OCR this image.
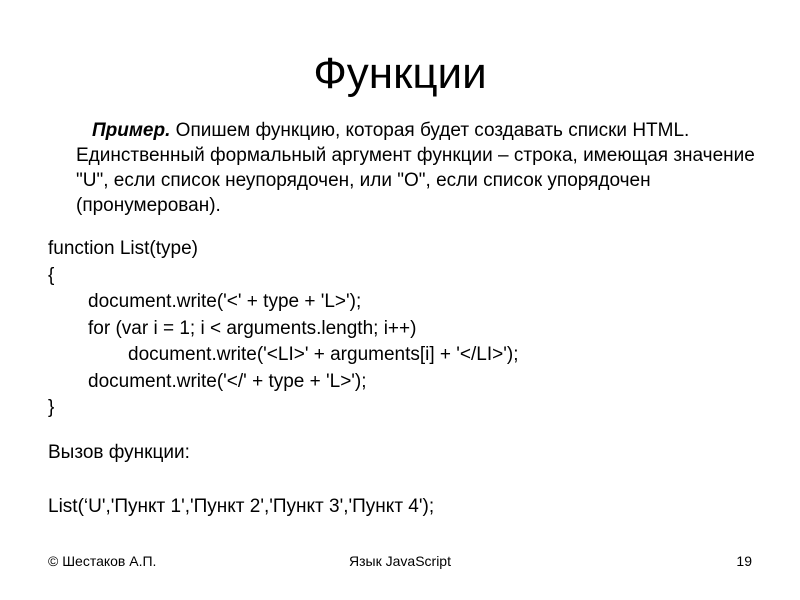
Функции
Пример. Опишем функцию, которая будет создавать списки HTML. Единственный формальный аргумент функции – строка, имеющая значение "U", если список неупорядочен, или "O", если список упорядочен (пронумерован).
function List(type)
{
document.write('<' + type + 'L>');
for (var i = 1; i < arguments.length; i++)
document.write('<LI>' + arguments[i] + '</LI>');
document.write('</' + type + 'L>');
}
Вызов функции:
List(‘U','Пункт 1','Пункт 2','Пункт 3','Пункт 4');
© Шестаков А.П.	Язык JavaScript	19
